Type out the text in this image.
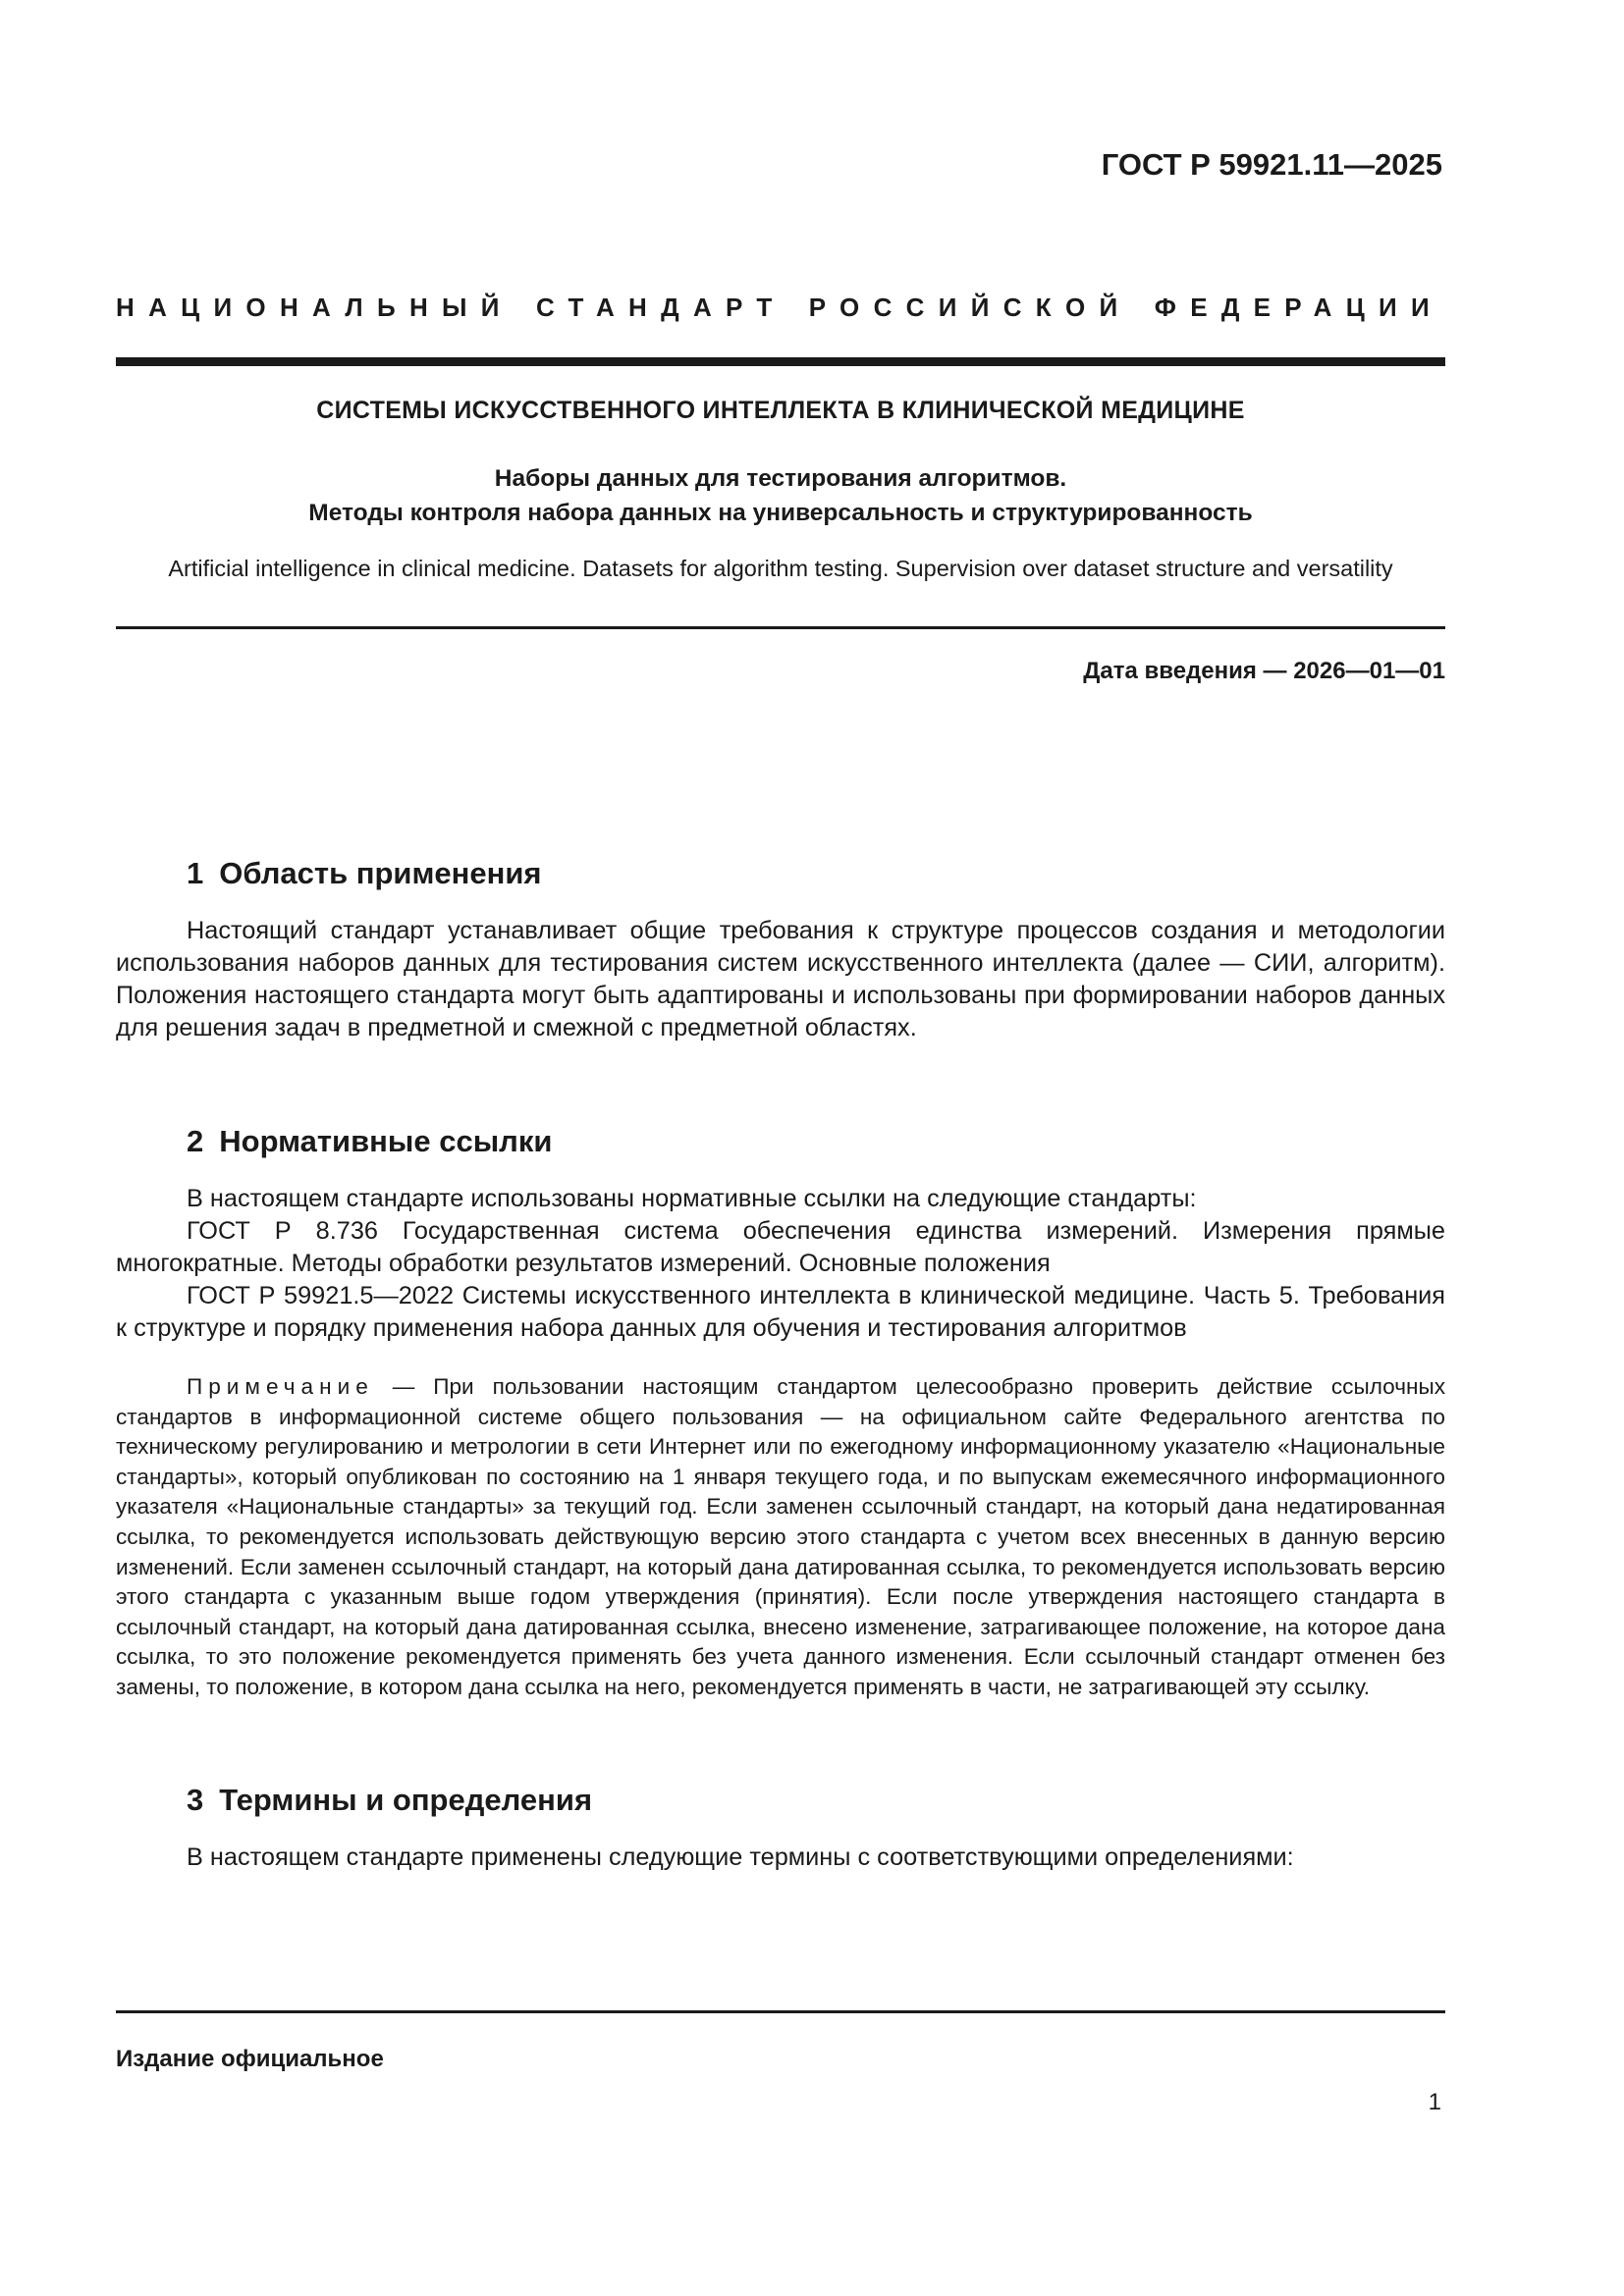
ГОСТ Р 59921.11—2025
НАЦИОНАЛЬНЫЙ СТАНДАРТ РОССИЙСКОЙ ФЕДЕРАЦИИ
СИСТЕМЫ ИСКУССТВЕННОГО ИНТЕЛЛЕКТА В КЛИНИЧЕСКОЙ МЕДИЦИНЕ
Наборы данных для тестирования алгоритмов.
Методы контроля набора данных на универсальность и структурированность
Artificial intelligence in clinical medicine. Datasets for algorithm testing. Supervision over dataset structure and versatility
Дата введения — 2026—01—01
1 Область применения

Настоящий стандарт устанавливает общие требования к структуре процессов создания и методологии использования наборов данных для тестирования систем искусственного интеллекта (далее — СИИ, алгоритм). Положения настоящего стандарта могут быть адаптированы и использованы при формировании наборов данных для решения задач в предметной и смежной с предметной областях.

2 Нормативные ссылки

В настоящем стандарте использованы нормативные ссылки на следующие стандарты:

ГОСТ Р 8.736 Государственная система обеспечения единства измерений. Измерения прямые многократные. Методы обработки результатов измерений. Основные положения

ГОСТ Р 59921.5—2022 Системы искусственного интеллекта в клинической медицине. Часть 5. Требования к структуре и порядку применения набора данных для обучения и тестирования алгоритмов

Примечание — При пользовании настоящим стандартом целесообразно проверить действие ссылочных стандартов в информационной системе общего пользования — на официальном сайте Федерального агентства по техническому регулированию и метрологии в сети Интернет или по ежегодному информационному указателю «Национальные стандарты», который опубликован по состоянию на 1 января текущего года, и по выпускам ежемесячного информационного указателя «Национальные стандарты» за текущий год. Если заменен ссылочный стандарт, на который дана недатированная ссылка, то рекомендуется использовать действующую версию этого стандарта с учетом всех внесенных в данную версию изменений. Если заменен ссылочный стандарт, на который дана датированная ссылка, то рекомендуется использовать версию этого стандарта с указанным выше годом утверждения (принятия). Если после утверждения настоящего стандарта в ссылочный стандарт, на который дана датированная ссылка, внесено изменение, затрагивающее положение, на которое дана ссылка, то это положение рекомендуется применять без учета данного изменения. Если ссылочный стандарт отменен без замены, то положение, в котором дана ссылка на него, рекомендуется применять в части, не затрагивающей эту ссылку.

3 Термины и определения

В настоящем стандарте применены следующие термины с соответствующими определениями:

Издание официальное
1
